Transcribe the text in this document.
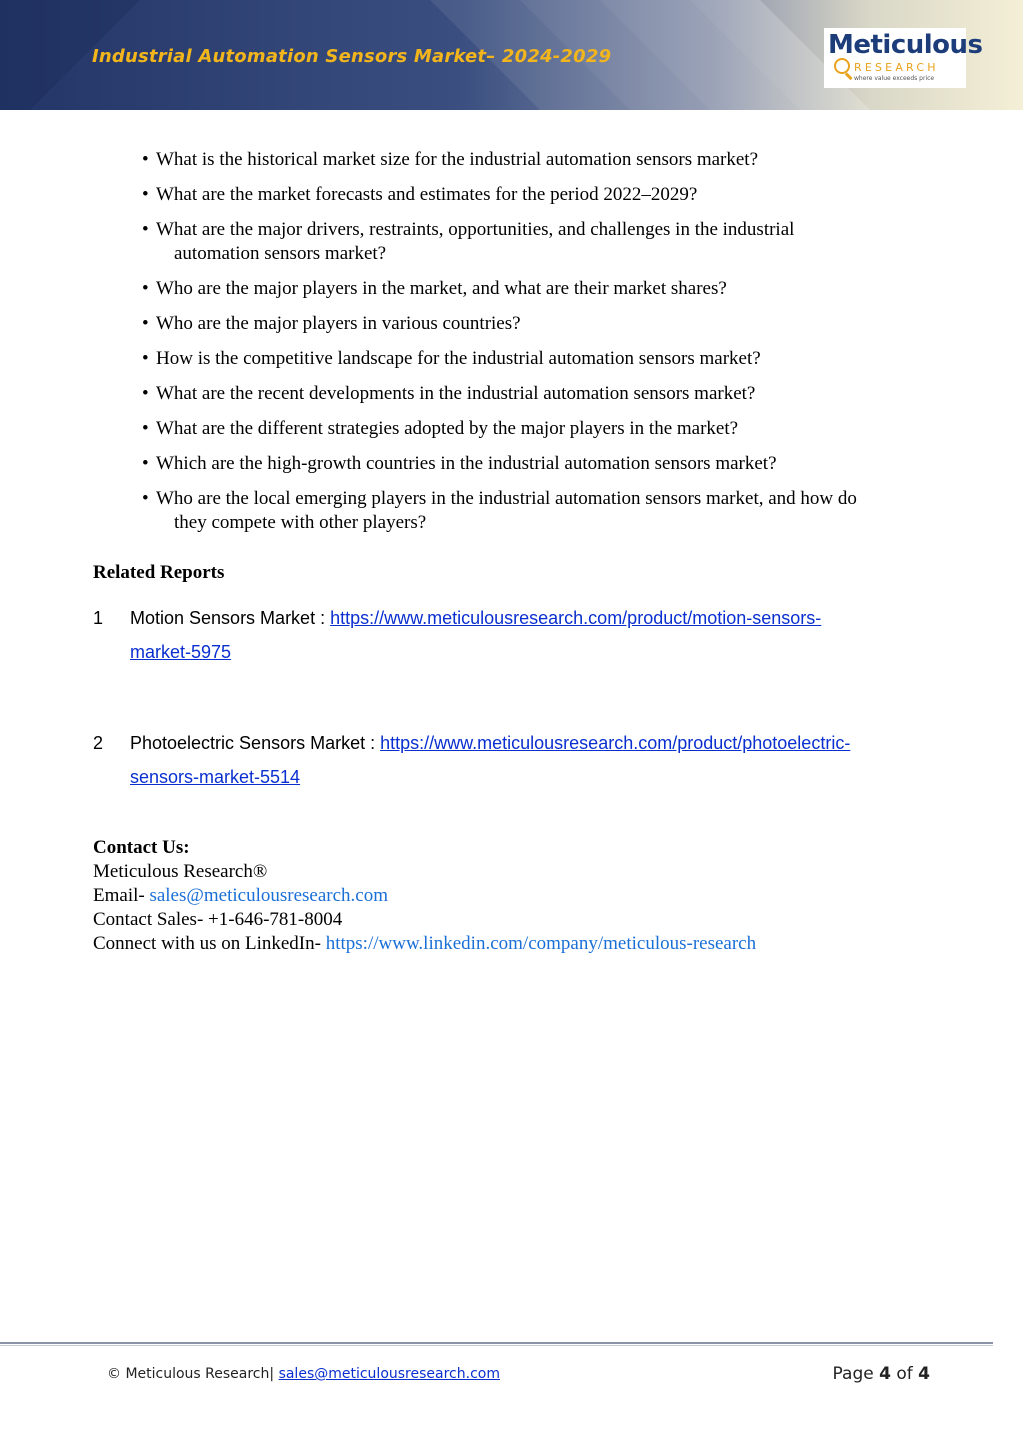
Industrial Automation Sensors Market– 2024-2029	Meticulous
RESEARCH
where value exceeds price
• What is the historical market size for the industrial automation sensors market?
• What are the market forecasts and estimates for the period 2022–2029?
• What are the major drivers, restraints, opportunities, and challenges in the industrial
automation sensors market?
• Who are the major players in the market, and what are their market shares?
• Who are the major players in various countries?
• How is the competitive landscape for the industrial automation sensors market?
• What are the recent developments in the industrial automation sensors market?
• What are the different strategies adopted by the major players in the market?
• Which are the high-growth countries in the industrial automation sensors market?
• Who are the local emerging players in the industrial automation sensors market, and how do
they compete with other players?
Related Reports
1 Motion Sensors Market : https://www.meticulousresearch.com/product/motion-sensors-
market-5975
2 Photoelectric Sensors Market : https://www.meticulousresearch.com/product/photoelectric-
sensors-market-5514
Contact Us:
Meticulous Research®
Email- sales@meticulousresearch.com
Contact Sales- +1-646-781-8004
Connect with us on LinkedIn- https://www.linkedin.com/company/meticulous-research
© Meticulous Research| sales@meticulousresearch.com	Page 4 of 4
